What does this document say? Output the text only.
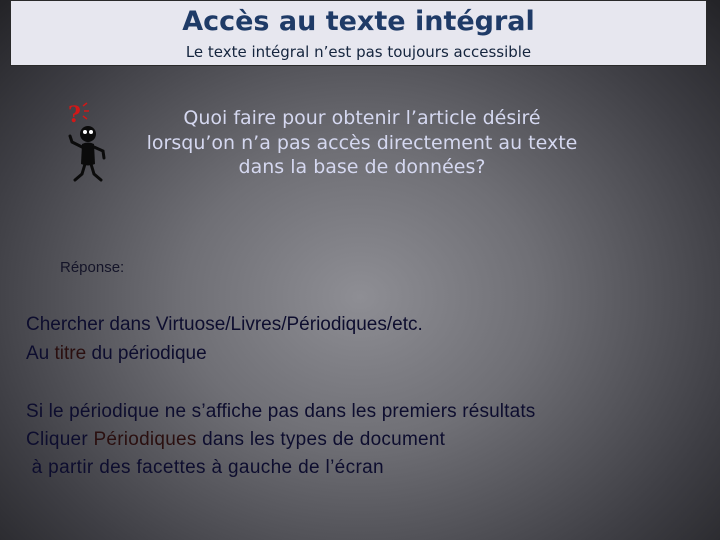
Accès au texte intégral
Le texte intégral n’est pas toujours accessible
?	Quoi faire pour obtenir l’article désiré
lorsqu’on n’a pas accès directement au texte
dans la base de données?
Réponse:
Chercher dans Virtuose/Livres/Périodiques/etc.
Au titre du périodique
Si le périodique ne s’affiche pas dans les premiers résultats
Cliquer Périodiques dans les types de document
à partir des facettes à gauche de l’écran
